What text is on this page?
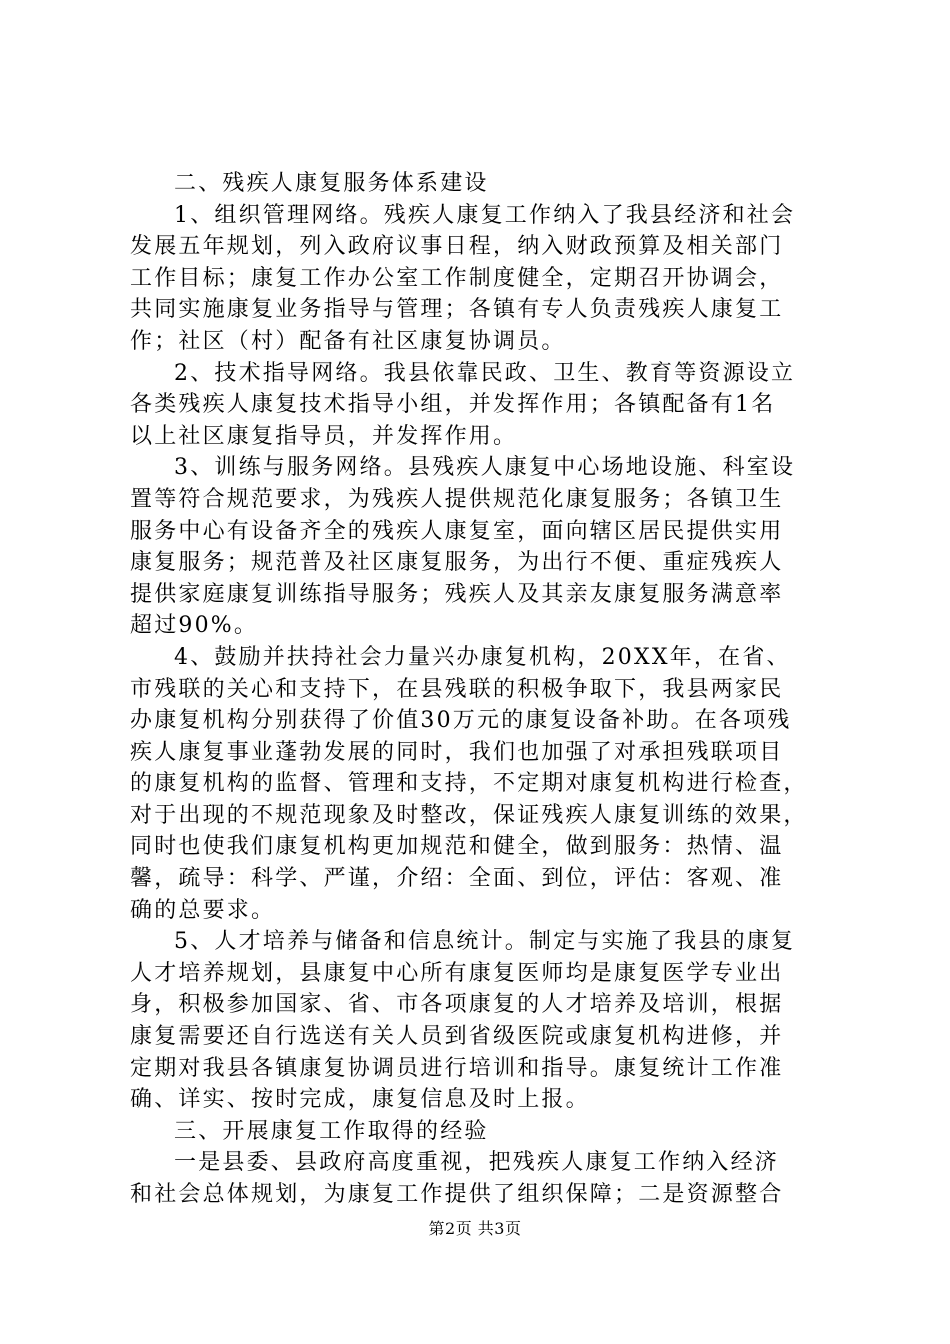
二、残疾人康复服务体系建设

1、组织管理网络。残疾人康复工作纳入了我县经济和社会
发展五年规划，列入政府议事日程，纳入财政预算及相关部门
工作目标；康复工作办公室工作制度健全，定期召开协调会，
共同实施康复业务指导与管理；各镇有专人负责残疾人康复工
作；社区（村）配备有社区康复协调员。

2、技术指导网络。我县依靠民政、卫生、教育等资源设立
各类残疾人康复技术指导小组，并发挥作用；各镇配备有1名
以上社区康复指导员，并发挥作用。

3、训练与服务网络。县残疾人康复中心场地设施、科室设
置等符合规范要求，为残疾人提供规范化康复服务；各镇卫生
服务中心有设备齐全的残疾人康复室，面向辖区居民提供实用
康复服务；规范普及社区康复服务，为出行不便、重症残疾人
提供家庭康复训练指导服务；残疾人及其亲友康复服务满意率
超过90%。

4、鼓励并扶持社会力量兴办康复机构，20XX年，在省、
市残联的关心和支持下，在县残联的积极争取下，我县两家民
办康复机构分别获得了价值30万元的康复设备补助。在各项残
疾人康复事业蓬勃发展的同时，我们也加强了对承担残联项目
的康复机构的监督、管理和支持，不定期对康复机构进行检查，
对于出现的不规范现象及时整改，保证残疾人康复训练的效果，
同时也使我们康复机构更加规范和健全，做到服务：热情、温
馨，疏导：科学、严谨，介绍：全面、到位，评估：客观、准
确的总要求。

5、人才培养与储备和信息统计。制定与实施了我县的康复
人才培养规划，县康复中心所有康复医师均是康复医学专业出
身，积极参加国家、省、市各项康复的人才培养及培训，根据
康复需要还自行选送有关人员到省级医院或康复机构进修，并
定期对我县各镇康复协调员进行培训和指导。康复统计工作准
确、详实、按时完成，康复信息及时上报。

三、开展康复工作取得的经验

一是县委、县政府高度重视，把残疾人康复工作纳入经济
和社会总体规划，为康复工作提供了组织保障；二是资源整合

第2页 共3页
